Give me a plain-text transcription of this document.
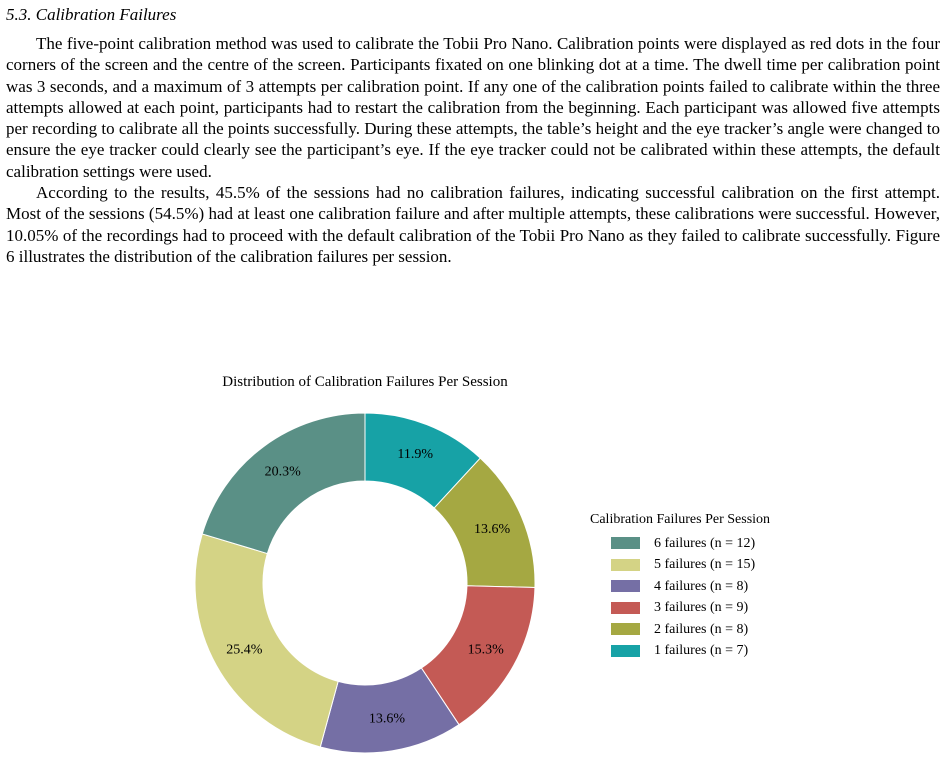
5.3. Calibration Failures

The five-point calibration method was used to calibrate the Tobii Pro Nano. Calibration points were displayed as red dots in the four corners of the screen and the centre of the screen. Participants fixated on one blinking dot at a time. The dwell time per calibration point was 3 seconds, and a maximum of 3 attempts per calibration point. If any one of the calibration points failed to calibrate within the three attempts allowed at each point, participants had to restart the calibration from the beginning. Each participant was allowed five attempts per recording to calibrate all the points successfully. During these attempts, the table’s height and the eye tracker’s angle were changed to ensure the eye tracker could clearly see the participant’s eye. If the eye tracker could not be calibrated within these attempts, the default calibration settings were used.

According to the results, 45.5% of the sessions had no calibration failures, indicating successful calibration on the first attempt. Most of the sessions (54.5%) had at least one calibration failure and after multiple attempts, these calibrations were successful. However, 10.05% of the recordings had to proceed with the default calibration of the Tobii Pro Nano as they failed to calibrate successfully. Figure 6 illustrates the distribution of the calibration failures per session.

Distribution of Calibration Failures Per Session
11.9%
13.6%
15.3%
13.6%
25.4%
20.3%
Calibration Failures Per Session
6 failures (n = 12)
5 failures (n = 15)
4 failures (n = 8)
3 failures (n = 9)
2 failures (n = 8)
1 failures (n = 7)
